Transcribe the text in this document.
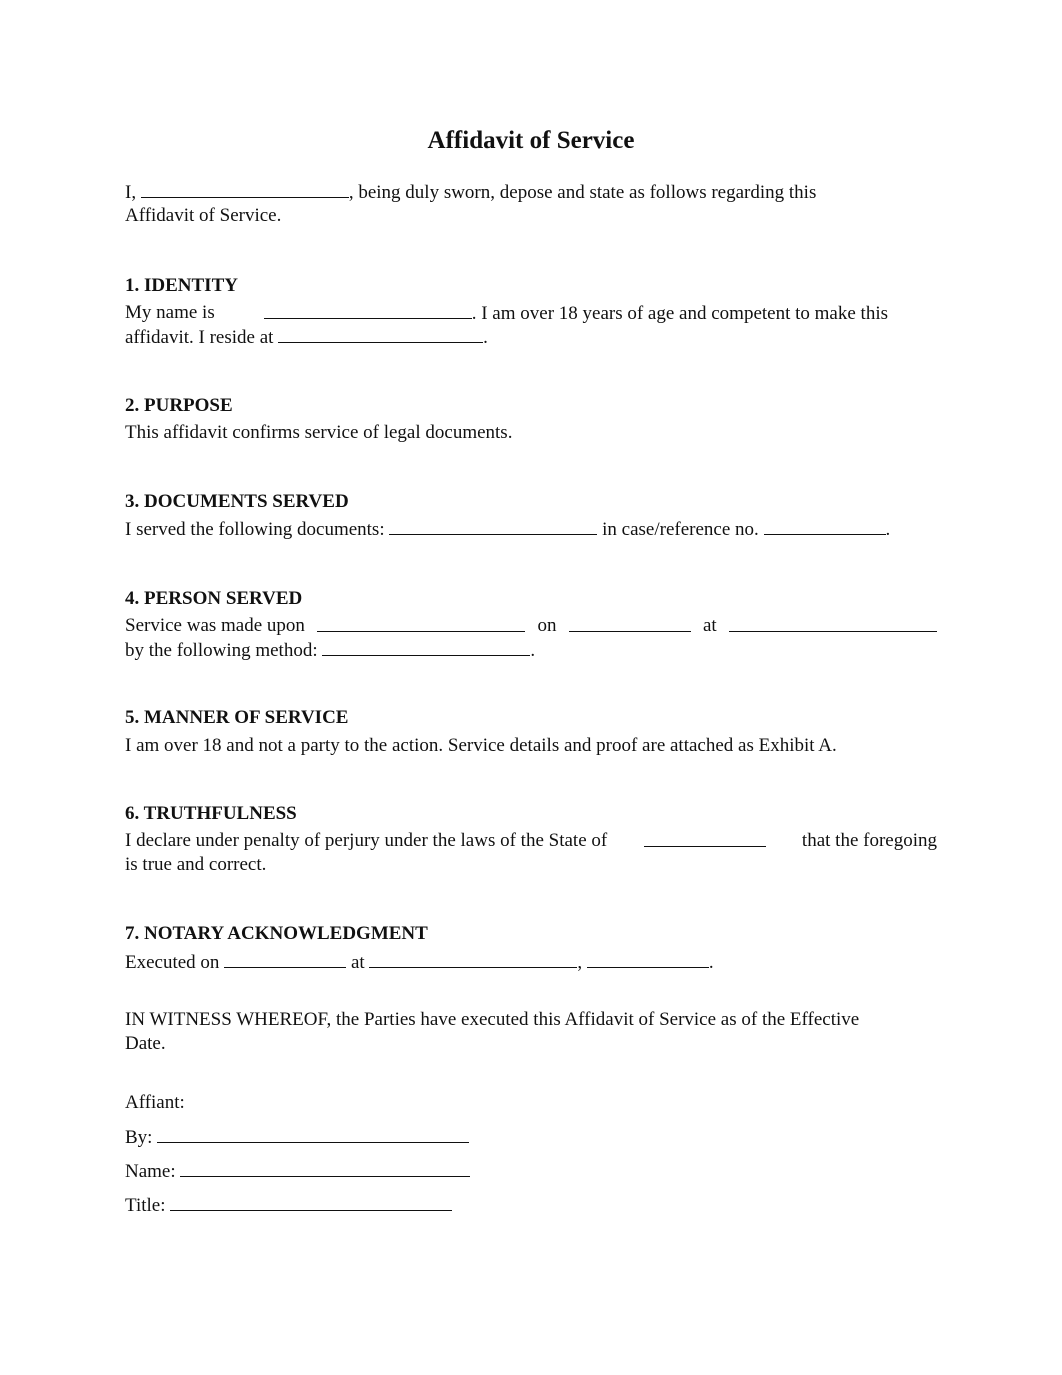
Affidavit of Service
I,	, being duly sworn, depose and state as follows regarding this
Affidavit of Service.
1. IDENTITY
My name is	. I am over 18 years of age and competent to make this
affidavit. I reside at	.
2. PURPOSE
This affidavit confirms service of legal documents.
3. DOCUMENTS SERVED
I served the following documents:	in case/reference no.	.
4. PERSON SERVED
Service was made upon	on	at
by the following method:	.
5. MANNER OF SERVICE
I am over 18 and not a party to the action. Service details and proof are attached as Exhibit A.
6. TRUTHFULNESS
I declare under penalty of perjury under the laws of the State of	that the foregoing
is true and correct.
7. NOTARY ACKNOWLEDGMENT
Executed on	at	,	.
IN WITNESS WHEREOF, the Parties have executed this Affidavit of Service as of the Effective
Date.
Affiant:
By:
Name:
Title:
